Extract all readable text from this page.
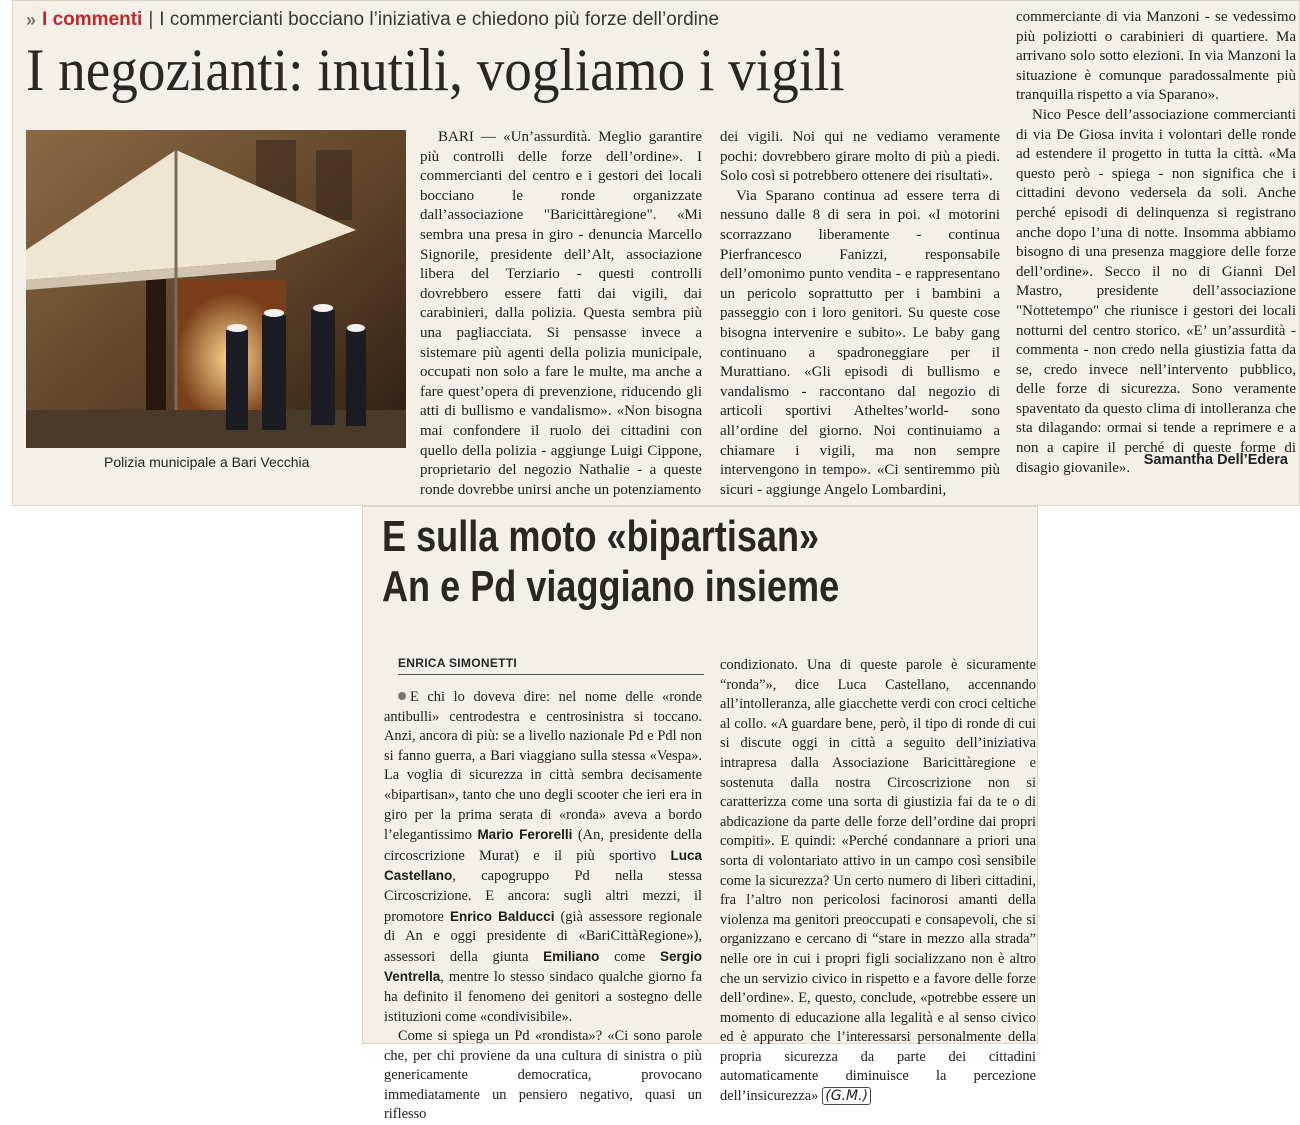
» I commenti | I commercianti bocciano l’iniziativa e chiedono più forze dell’ordine
I negozianti: inutili, vogliamo i vigili
Polizia municipale a Bari Vecchia

BARI — «Un’assurdità. Meglio garantire più controlli delle forze dell’ordine». I commercianti del centro e i gestori dei locali bocciano le ronde organizzate dall’associazione "Baricittàregione". «Mi sembra una presa in giro - denuncia Marcello Signorile, presidente dell’Alt, associazione libera del Terziario - questi controlli dovrebbero essere fatti dai vigili, dai carabinieri, dalla polizia. Questa sembra più una pagliacciata. Si pensasse invece a sistemare più agenti della polizia municipale, occupati non solo a fare le multe, ma anche a fare quest’opera di prevenzione, riducendo gli atti di bullismo e vandalismo». «Non bisogna mai confondere il ruolo dei cittadini con quello della polizia - aggiunge Luigi Cippone, proprietario del negozio Nathalie - a queste ronde dovrebbe unirsi anche un potenziamento

dei vigili. Noi qui ne vediamo veramente pochi: dovrebbero girare molto di più a piedi. Solo così si potrebbero ottenere dei risultati».

Via Sparano continua ad essere terra di nessuno dalle 8 di sera in poi. «I motorini scorrazzano liberamente - continua Pierfrancesco Fanizzi, responsabile dell’omonimo punto vendita - e rappresentano un pericolo soprattutto per i bambini a passeggio con i loro genitori. Su queste cose bisogna intervenire e subito». Le baby gang continuano a spadroneggiare per il Murattiano. «Gli episodi di bullismo e vandalismo - raccontano dal negozio di articoli sportivi Atheltes’world- sono all’ordine del giorno. Noi continuiamo a chiamare i vigili, ma non sempre intervengono in tempo». «Ci sentiremmo più sicuri - aggiunge Angelo Lombardini,

commerciante di via Manzoni - se vedessimo più poliziotti o carabinieri di quartiere. Ma arrivano solo sotto elezioni. In via Manzoni la situazione è comunque paradossalmente più tranquilla rispetto a via Sparano».

Nico Pesce dell’associazione commercianti di via De Giosa invita i volontari delle ronde ad estendere il progetto in tutta la città. «Ma questo però - spiega - non significa che i cittadini devono vedersela da soli. Anche perché episodi di delinquenza si registrano anche dopo l’una di notte. Insomma abbiamo bisogno di una presenza maggiore delle forze dell’ordine». Secco il no di Gianni Del Mastro, presidente dell’associazione "Nottetempo" che riunisce i gestori dei locali notturni del centro storico. «E’ un’assurdità - commenta - non credo nella giustizia fatta da se, credo invece nell’intervento pubblico, delle forze di sicurezza. Sono veramente spaventato da questo clima di intolleranza che sta dilagando: ormai si tende a reprimere e a non a capire il perché di queste forme di disagio giovanile». Samantha Dell’Edera
E sulla moto «bipartisan»
An e Pd viaggiano insieme
ENRICA SIMONETTI

E chi lo doveva dire: nel nome delle «ronde antibulli» centrodestra e centrosinistra si toccano. Anzi, ancora di più: se a livello nazionale Pd e Pdl non si fanno guerra, a Bari viaggiano sulla stessa «Vespa». La voglia di sicurezza in città sembra decisamente «bipartisan», tanto che uno degli scooter che ieri era in giro per la prima serata di «ronda» aveva a bordo l’elegantissimo Mario Ferorelli (An, presidente della circoscrizione Murat) e il più sportivo Luca Castellano, capogruppo Pd nella stessa Circoscrizione. E ancora: sugli altri mezzi, il promotore Enrico Balducci (già assessore regionale di An e oggi presidente di «BariCittàRegione»), assessori della giunta Emiliano come Sergio Ventrella, mentre lo stesso sindaco qualche giorno fa ha definito il fenomeno dei genitori a sostegno delle istituzioni come «condivisibile».

Come si spiega un Pd «rondista»? «Ci sono parole che, per chi proviene da una cultura di sinistra o più genericamente democratica, provocano immediatamente un pensiero negativo, quasi un riflesso

condizionato. Una di queste parole è sicuramente “ronda”», dice Luca Castellano, accennando all’intolleranza, alle giacchette verdi con croci celtiche al collo. «A guardare bene, però, il tipo di ronde di cui si discute oggi in città a seguito dell’iniziativa intrapresa dalla Associazione Baricittàregione e sostenuta dalla nostra Circoscrizione non si caratterizza come una sorta di giustizia fai da te o di abdicazione da parte delle forze dell’ordine dai propri compiti». E quindi: «Perché condannare a priori una sorta di volontariato attivo in un campo così sensibile come la sicurezza? Un certo numero di liberi cittadini, fra l’altro non pericolosi facinorosi amanti della violenza ma genitori preoccupati e consapevoli, che si organizzano e cercano di “stare in mezzo alla strada” nelle ore in cui i propri figli socializzano non è altro che un servizio civico in rispetto e a favore delle forze dell’ordine». E, questo, conclude, «potrebbe essere un momento di educazione alla legalità e al senso civico ed è appurato che l’interessarsi personalmente della propria sicurezza da parte dei cittadini automaticamente diminuisce la percezione dell’insicurezza» (G.M.)
